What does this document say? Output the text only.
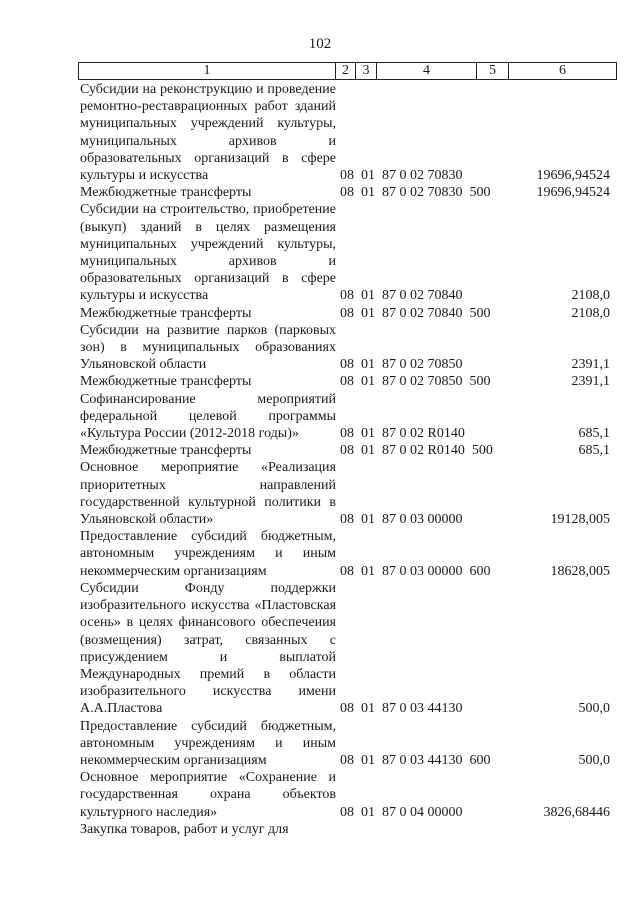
102
1	2 3	4	5	6
Субсидии на реконструкцию и проведение ремонтно-реставрационных работ зданий муниципальных учреждений культуры, муниципальных архивов и образовательных организаций в сфере культуры и искусства	08  01  87 0 02 70830	19696,94524
Межбюджетные трансферты	08  01  87 0 02 70830  500	19696,94524
Субсидии на строительство, приобретение (выкуп) зданий в целях размещения муниципальных учреждений культуры, муниципальных архивов и образовательных организаций в сфере культуры и искусства	08  01  87 0 02 70840	2108,0
Межбюджетные трансферты	08  01  87 0 02 70840  500	2108,0
Субсидии на развитие парков (парковых зон) в муниципальных образованиях Ульяновской области	08  01  87 0 02 70850	2391,1
Межбюджетные трансферты	08  01  87 0 02 70850  500	2391,1
Софинансирование мероприятий федеральной целевой программы «Культура России (2012-2018 годы)»	08  01  87 0 02 R0140	685,1
Межбюджетные трансферты	08  01  87 0 02 R0140  500	685,1
Основное мероприятие «Реализация приоритетных направлений государственной культурной политики в Ульяновской области»	08  01  87 0 03 00000	19128,005
Предоставление субсидий бюджетным, автономным учреждениям и иным некоммерческим организациям	08  01  87 0 03 00000  600	18628,005
Субсидии Фонду поддержки изобразительного искусства «Пластовская осень» в целях финансового обеспечения (возмещения) затрат, связанных с присуждением и выплатой Международных премий в области изобразительного искусства имени А.А.Пластова	08  01  87 0 03 44130	500,0
Предоставление субсидий бюджетным, автономным учреждениям и иным некоммерческим организациям	08  01  87 0 03 44130  600	500,0
Основное мероприятие «Сохранение и государственная охрана объектов культурного наследия»	08  01  87 0 04 00000	3826,68446
Закупка товаров, работ и услуг для
